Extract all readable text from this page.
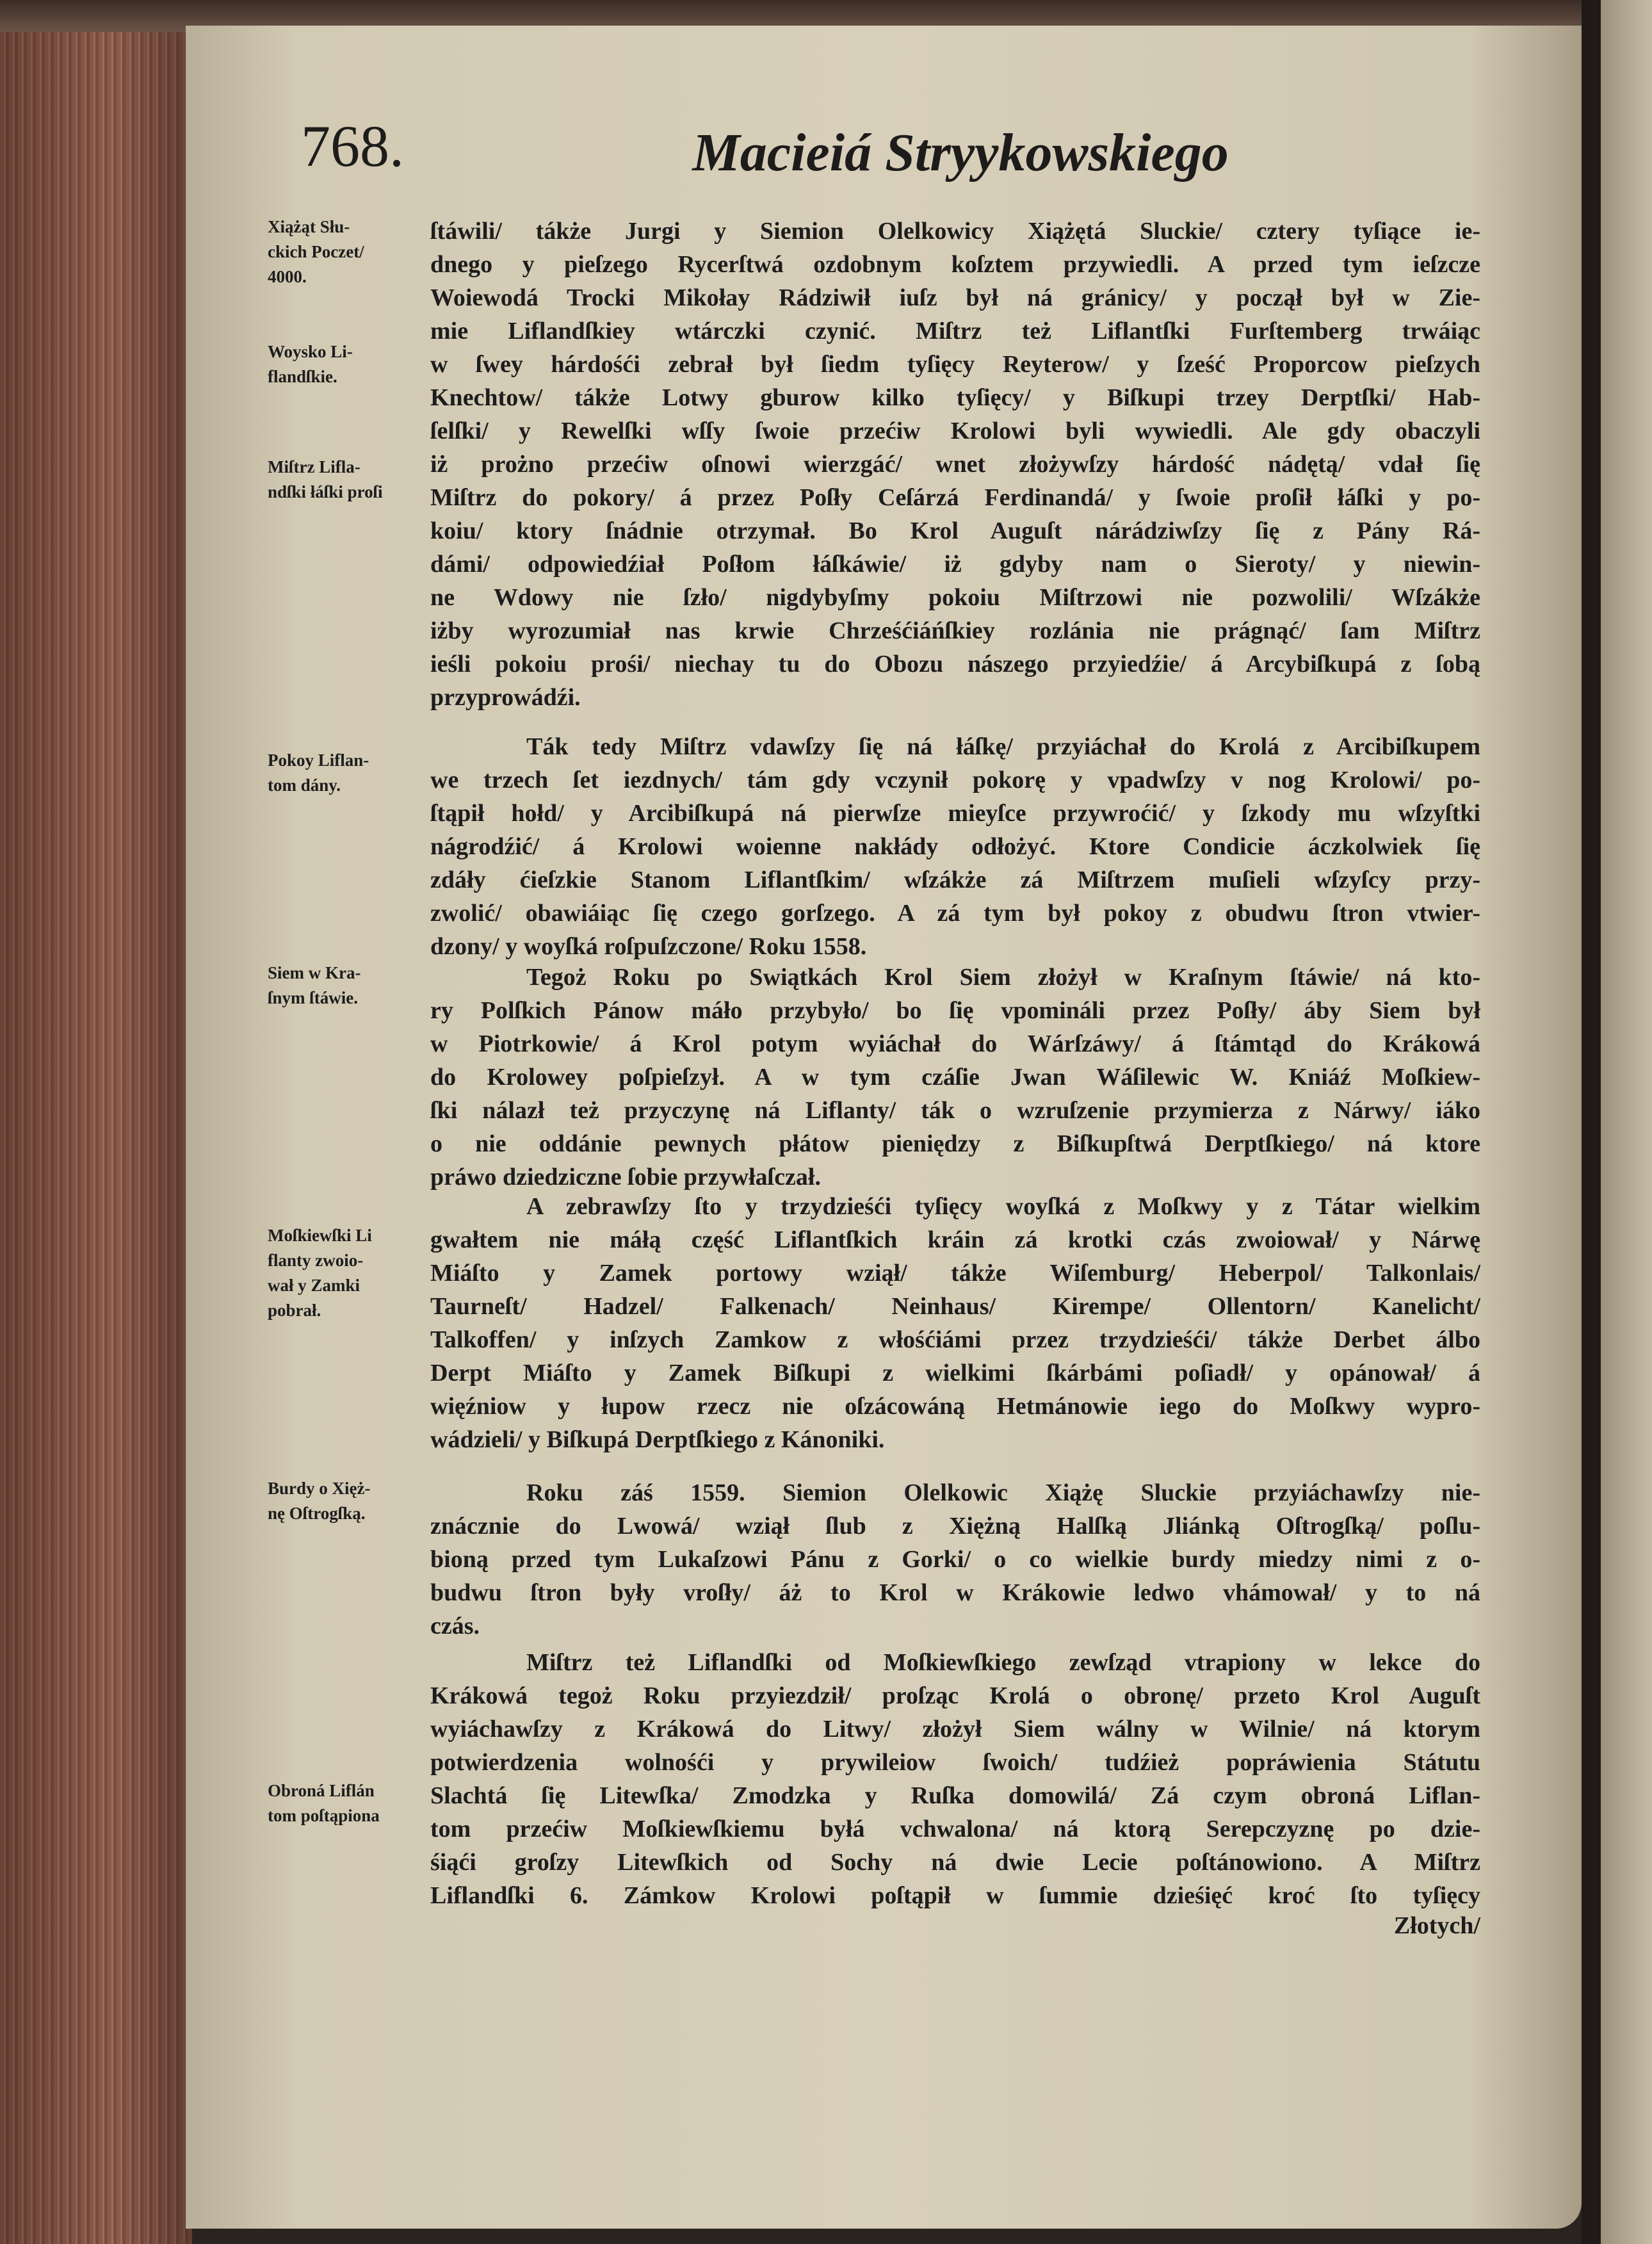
768.	Macieiá Stryykowskiego
Xiążąt Słu-
ckich Poczet/
4000.
Woysko Li-
flandſkie.
Miſtrz Lifla-
ndſki łáſki proſi
Pokoy Liflan-
tom dány.
Siem w Kra-
ſnym ſtáwie.
Moſkiewſki Li
flanty zwoio-
wał y Zamki
pobrał.
Burdy o Xięż-
nę Oſtrogſką.
Obroná Liflán
tom poſtąpiona
ſtáwili/ tákże Jurgi y Siemion Olelkowicy Xiążętá Sluckie/ cztery tyſiące ie-
dnego y pieſzego Rycerſtwá ozdobnym koſztem przywiedli. A przed tym ieſzcze
Woiewodá Trocki Mikołay Rádziwił iuſz był ná gránicy/ y począł był w Zie-
mie Liflandſkiey wtárczki czynić. Miſtrz też Liflantſki Furſtemberg trwáiąc
w ſwey hárdośći zebrał był ſiedm tyſięcy Reyterow/ y ſześć Proporcow pieſzych
Knechtow/ tákże Lotwy gburow kilko tyſięcy/ y Biſkupi trzey Derptſki/ Hab-
ſelſki/ y Rewelſki wſſy ſwoie przećiw Krolowi byli wywiedli. Ale gdy obaczyli
iż prożno przećiw oſnowi wierzgáć/ wnet złożywſzy hárdość nádętą/ vdał ſię
Miſtrz do pokory/ á przez Poſły Ceſárzá Ferdinandá/ y ſwoie proſił łáſki y po-
koiu/ ktory ſnádnie otrzymał. Bo Krol Auguſt nárádziwſzy ſię z Pány Rá-
dámi/ odpowiedźiał Poſłom łáſkáwie/ iż gdyby nam o Sieroty/ y niewin-
ne Wdowy nie ſzło/ nigdybyſmy pokoiu Miſtrzowi nie pozwolili/ Wſzákże
iżby wyrozumiał nas krwie Chrześćiáńſkiey rozlánia nie prágnąć/ ſam Miſtrz
ieśli pokoiu prośi/ niechay tu do Obozu nászego przyiedźie/ á Arcybiſkupá z ſobą
przyprowádźi.
Ták tedy Miſtrz vdawſzy ſię ná łáſkę/ przyiáchał do Krolá z Arcibiſkupem
we trzech ſet iezdnych/ tám gdy vczynił pokorę y vpadwſzy v nog Krolowi/ po-
ſtąpił hołd/ y Arcibiſkupá ná pierwſze mieyſce przywroćić/ y ſzkody mu wſzyſtki
nágrodźić/ á Krolowi woienne nakłády odłożyć. Ktore Condicie áczkolwiek ſię
zdáły ćieſzkie Stanom Liflantſkim/ wſzákże zá Miſtrzem muſieli wſzyſcy przy-
zwolić/ obawiáiąc ſię czego gorſzego. A zá tym był pokoy z obudwu ſtron vtwier-
dzony/ y woyſká roſpuſzczone/ Roku 1558.
Tegoż Roku po Swiątkách Krol Siem złożył w Kraſnym ſtáwie/ ná kto-
ry Polſkich Pánow máło przybyło/ bo ſię vpomináli przez Poſły/ áby Siem był
w Piotrkowie/ á Krol potym wyiáchał do Wárſzáwy/ á ſtámtąd do Krákowá
do Krolowey poſpieſzył. A w tym czáſie Jwan Wáſilewic W. Kniáź Moſkiew-
ſki nálazł też przyczynę ná Liflanty/ ták o wzruſzenie przymierza z Nárwy/ iáko
o nie oddánie pewnych płátow pieniędzy z Biſkupſtwá Derptſkiego/ ná ktore
práwo dziedziczne ſobie przywłaſczał.
A zebrawſzy ſto y trzydzieśći tyſięcy woyſká z Moſkwy y z Tátar wielkim
gwałtem nie máłą część Liflantſkich kráin zá krotki czás zwoiował/ y Nárwę
Miáſto y Zamek portowy wziął/ tákże Wiſemburg/ Heberpol/ Talkonlais/
Taurneſt/ Hadzel/ Falkenach/ Neinhaus/ Kirempe/ Ollentorn/ Kanelicht/
Talkoffen/ y inſzych Zamkow z włośćiámi przez trzydzieśći/ tákże Derbet álbo
Derpt Miáſto y Zamek Biſkupi z wielkimi ſkárbámi poſiadł/ y opánował/ á
więźniow y łupow rzecz nie oſzácowáną Hetmánowie iego do Moſkwy wypro-
wádzieli/ y Biſkupá Derptſkiego z Kánoniki.
Roku záś 1559. Siemion Olelkowic Xiążę Sluckie przyiáchawſzy nie-
znácznie do Lwowá/ wziął ſlub z Xiężną Halſką Jliánką Oſtrogſką/ poſlu-
bioną przed tym Lukaſzowi Pánu z Gorki/ o co wielkie burdy miedzy nimi z o-
budwu ſtron były vroſły/ áż to Krol w Krákowie ledwo vhámował/ y to ná
czás.
Miſtrz też Liflandſki od Moſkiewſkiego zewſząd vtrapiony w lekce do
Krákowá tegoż Roku przyiezdził/ proſząc Krolá o obronę/ przeto Krol Auguſt
wyiáchawſzy z Krákowá do Litwy/ złożył Siem wálny w Wilnie/ ná ktorym
potwierdzenia wolnośći y prywileiow ſwoich/ tudźież popráwienia Státutu
Slachtá ſię Litewſka/ Zmodzka y Ruſka domowilá/ Zá czym obroná Liflan-
tom przećiw Moſkiewſkiemu byłá vchwalona/ ná ktorą Serepczyznę po dzie-
śiąći groſzy Litewſkich od Sochy ná dwie Lecie poſtánowiono. A Miſtrz
Liflandſki 6. Zámkow Krolowi poſtąpił w ſummie dzieśięć kroć ſto tyſięcy
Złotych/
